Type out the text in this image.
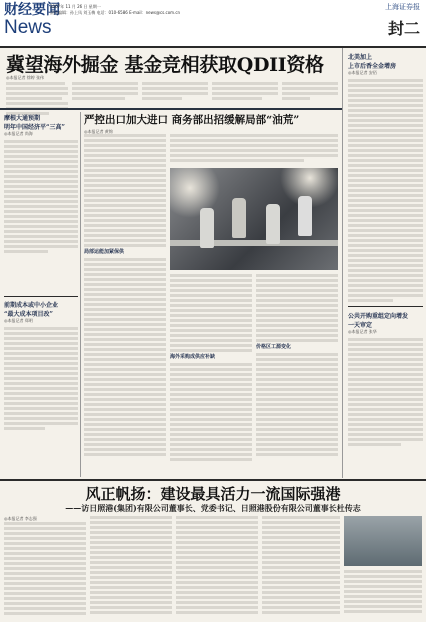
财经要闻
News
2007年 11 月 26 日 星期一
责任编辑：孙上凤 刘玉梅 电话：010-6586 E-mail：news@cs.com.cn
上海证券报
封二
冀望海外掘金 基金竞相获取QDII资格
◎本报记者 徐婷 张伟
摩根大通预期
明年中国经济平“三高”
◎本报记者 尚海
前期成本或中小企业
“最大成本项目改”
◎本报记者 郑明
严控出口加大进口 商务部出招缓解局部“油荒”
◎本报记者 黄锦
局部运能加紧保供
海外采购成供应补缺
价格区工源变化
北美加上
上市后香全金增房
◎本报记者 安佰
公共开购重组定向增发
一天审定
◎本报记者 张华
风正帆扬：建设最具活力一流国际强港
——访日照港(集团)有限公司董事长、党委书记、日照港股份有限公司董事长杜传志
◎本报记者 李志强
